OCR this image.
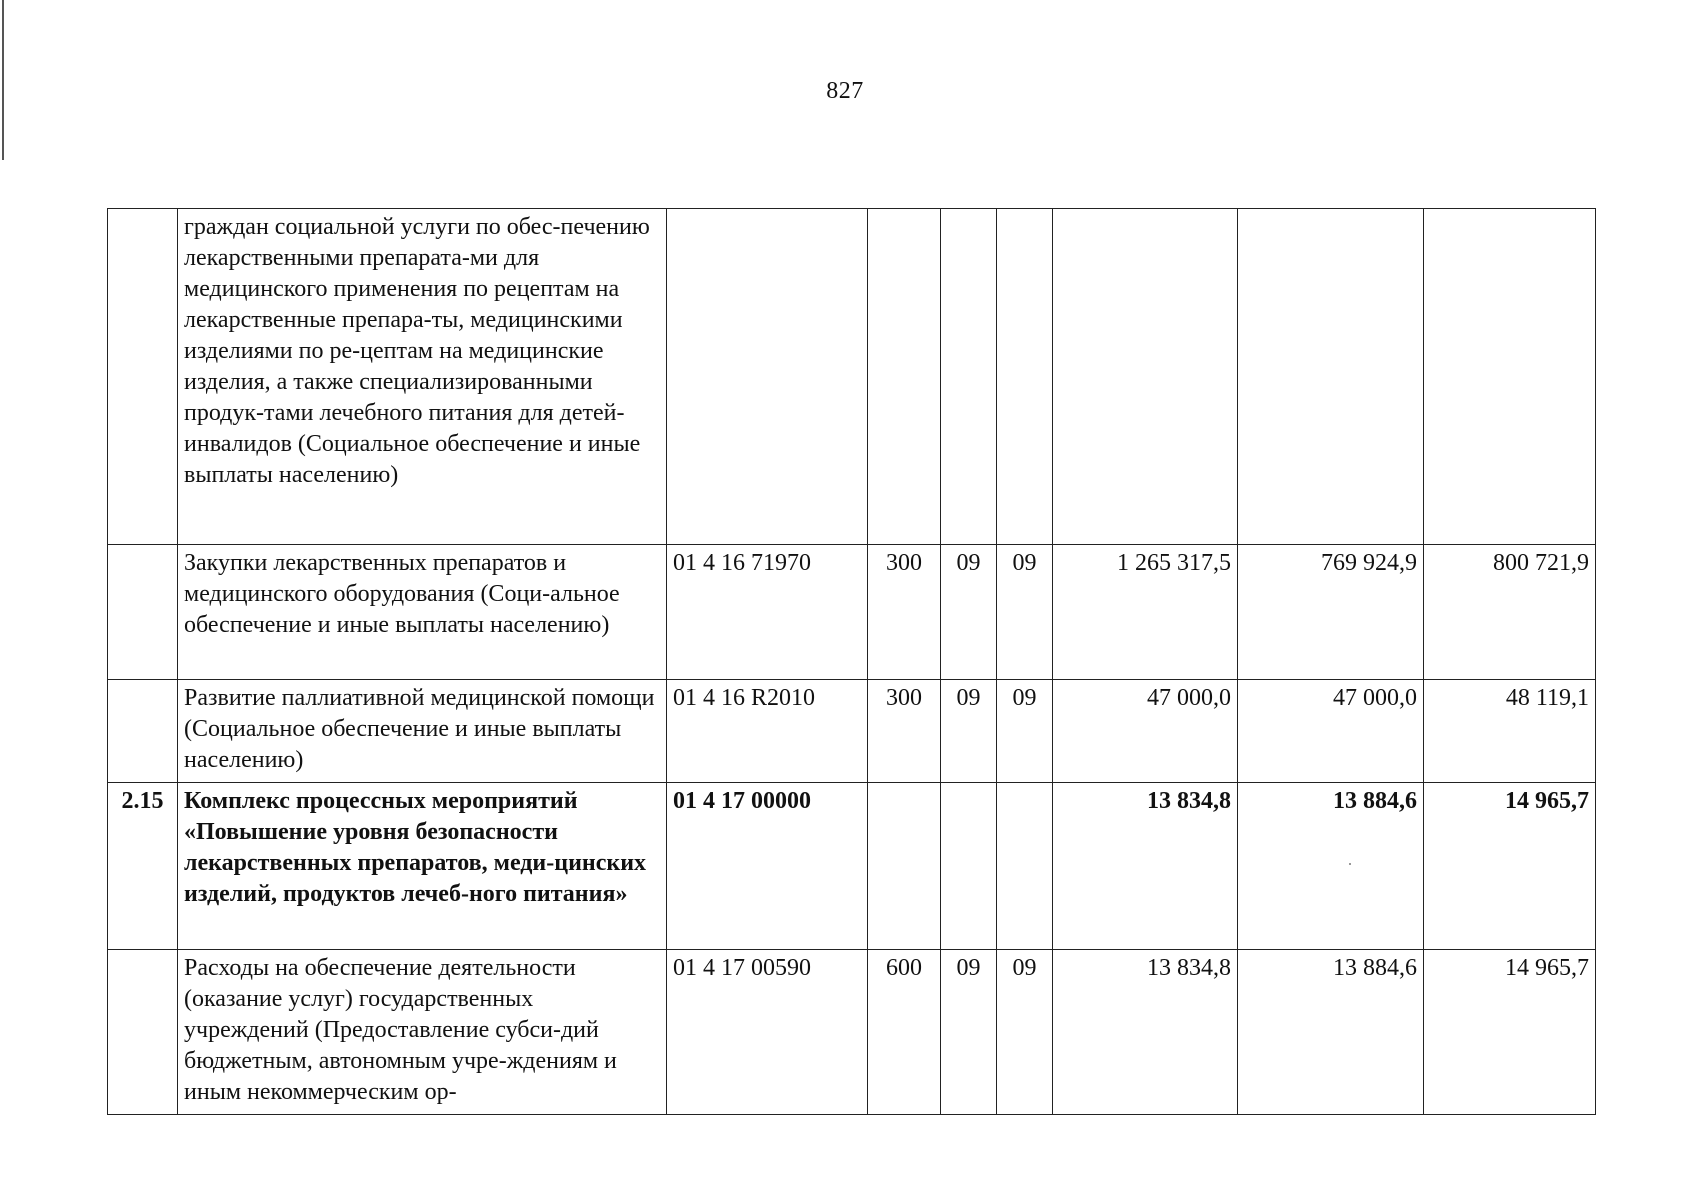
827
	граждан социальной услуги по обес-печению лекарственными препарата-ми для медицинского применения по рецептам на лекарственные препара-ты, медицинскими изделиями по ре-цептам на медицинские изделия, а также специализированными продук-тами лечебного питания для детей-инвалидов (Социальное обеспечение и иные выплаты населению)							
	Закупки лекарственных препаратов и медицинского оборудования (Соци-альное обеспечение и иные выплаты населению)	01 4 16 71970	300	09	09	1 265 317,5	769 924,9	800 721,9
	Развитие паллиативной медицинской помощи (Социальное обеспечение и иные выплаты населению)	01 4 16 R2010	300	09	09	47 000,0	47 000,0	48 119,1
2.15	Комплекс процессных мероприятий «Повышение уровня безопасности лекарственных препаратов, меди-цинских изделий, продуктов лечеб-ного питания»	01 4 17 00000				13 834,8	13 884,6	14 965,7
	Расходы на обеспечение деятельности (оказание услуг) государственных учреждений (Предоставление субси-дий бюджетным, автономным учре-ждениям и иным некоммерческим ор-	01 4 17 00590	600	09	09	13 834,8	13 884,6	14 965,7
